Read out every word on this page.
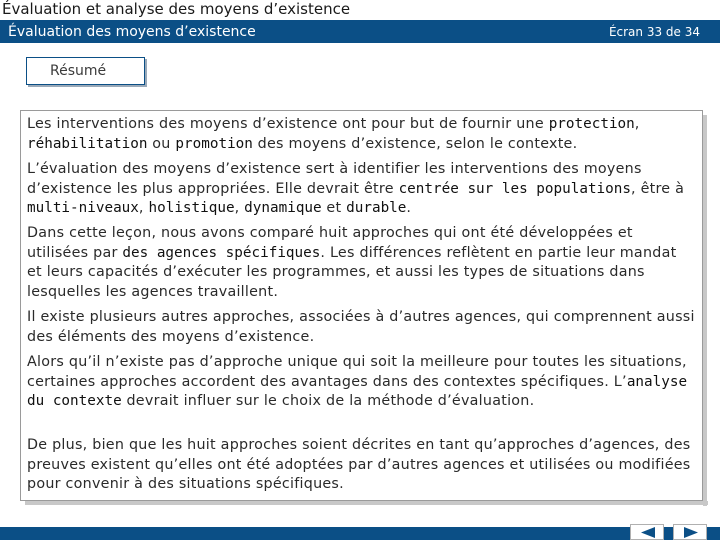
Évaluation et analyse des moyens d’existence
Évaluation des moyens d’existence	Écran 33 de 34
Résumé

Les interventions des moyens d’existence ont pour but de fournir une protection, réhabilitation ou promotion des moyens d’existence, selon le contexte.

L’évaluation des moyens d’existence sert à identifier les interventions des moyens d’existence les plus appropriées. Elle devrait être centrée sur les populations, être à multi-niveaux, holistique, dynamique et durable.

Dans cette leçon, nous avons comparé huit approches qui ont été développées et utilisées par des agences spécifiques. Les différences reflètent en partie leur mandat et leurs capacités d’exécuter les programmes, et aussi les types de situations dans lesquelles les agences travaillent.

Il existe plusieurs autres approches, associées à d’autres agences, qui comprennent aussi des éléments des moyens d’existence.

Alors qu’il n’existe pas d’approche unique qui soit la meilleure pour toutes les situations, certaines approches accordent des avantages dans des contextes spécifiques. L’analyse du contexte devrait influer sur le choix de la méthode d’évaluation.

De plus, bien que les huit approches soient décrites en tant qu’approches d’agences, des preuves existent qu’elles ont été adoptées par d’autres agences et utilisées ou modifiées pour convenir à des situations spécifiques.
